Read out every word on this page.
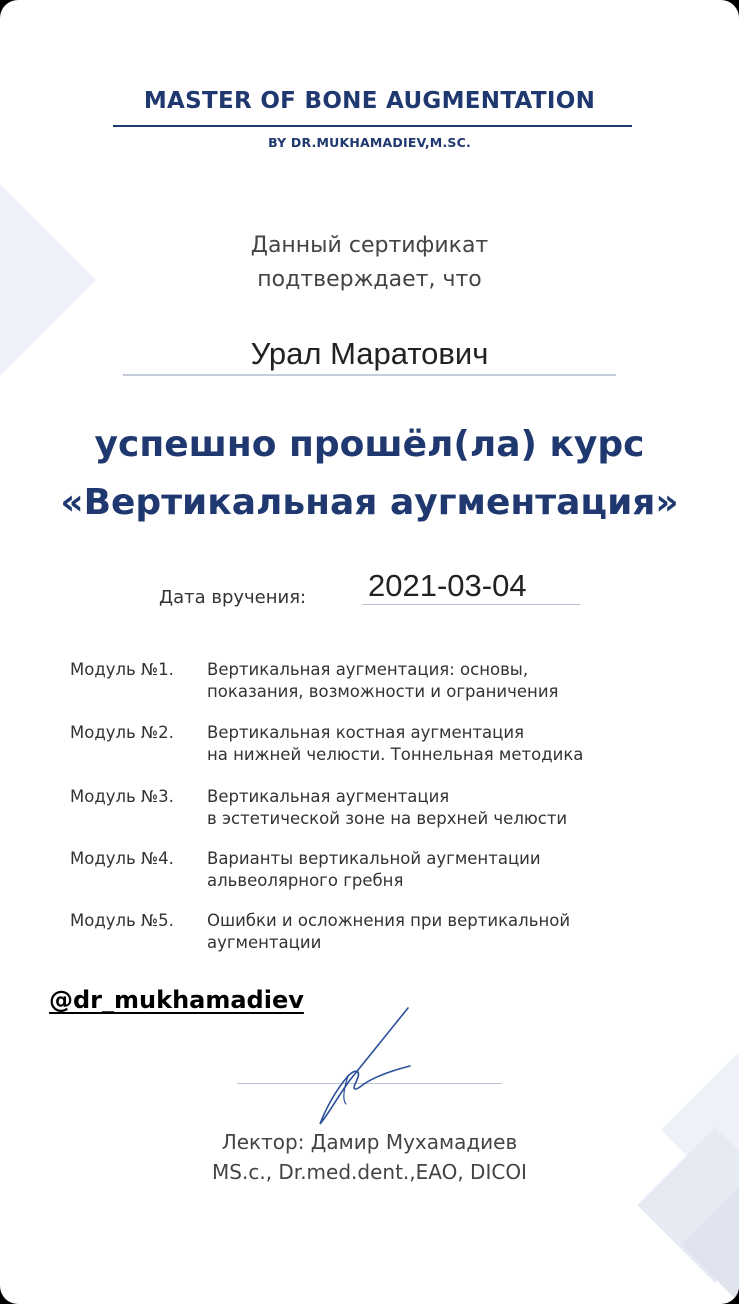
MASTER OF BONE AUGMENTATION
BY DR.MUKHAMADIEV,M.SC.
Данный сертификат
подтверждает, что
Урал Маратович
успешно прошёл(ла) курс
«Вертикальная аугментация»
Дата вручения: 2021-03-04
Модуль №1. Вертикальная аугментация: основы,
показания, возможности и ограничения
Модуль №2. Вертикальная костная аугментация
на нижней челюсти. Тоннельная методика
Модуль №3. Вертикальная аугментация
в эстетической зоне на верхней челюсти
Модуль №4. Варианты вертикальной аугментации
альвеолярного гребня
Модуль №5. Ошибки и осложнения при вертикальной
аугментации
@dr_mukhamadiev
Лектор: Дамир Мухамадиев
MS.c., Dr.med.dent.,EAO, DICOI
